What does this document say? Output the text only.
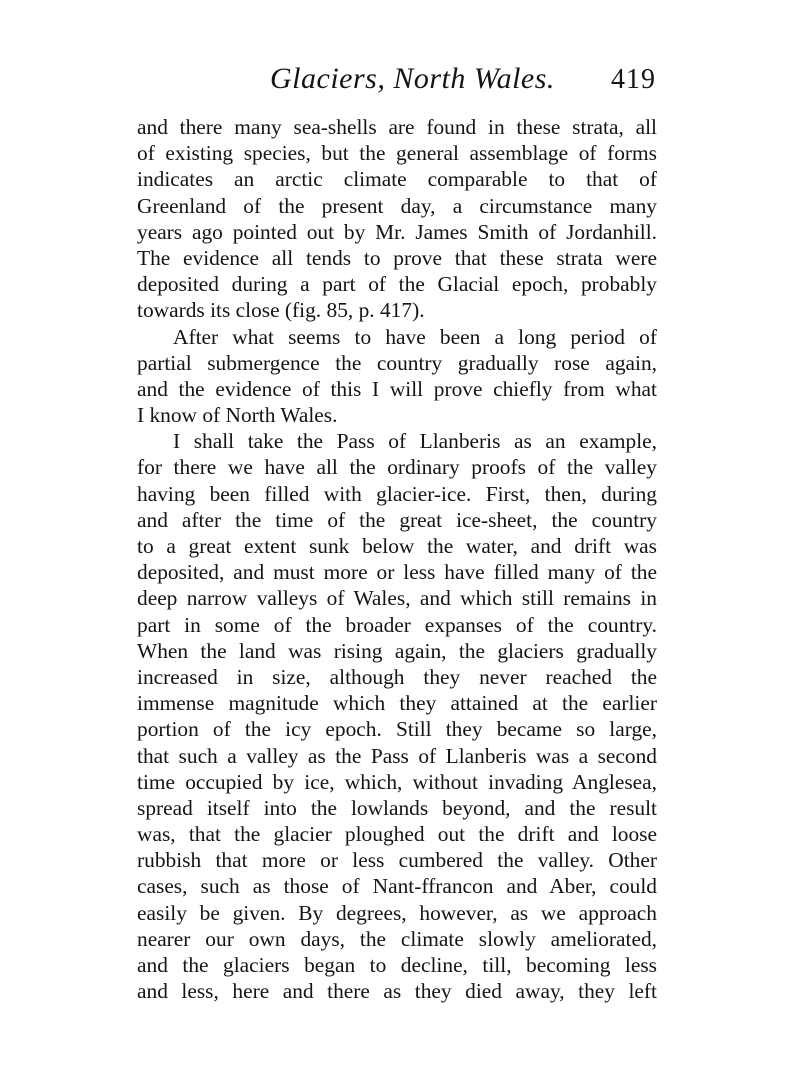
Glaciers, North Wales. 419
and there many sea-shells are found in these strata, all
of existing species, but the general assemblage of forms
indicates an arctic climate comparable to that of
Greenland of the present day, a circumstance many
years ago pointed out by Mr. James Smith of Jordanhill.
The evidence all tends to prove that these strata were
deposited during a part of the Glacial epoch, probably
towards its close (fig. 85, p. 417).
After what seems to have been a long period of
partial submergence the country gradually rose again,
and the evidence of this I will prove chiefly from what
I know of North Wales.
I shall take the Pass of Llanberis as an example,
for there we have all the ordinary proofs of the valley
having been filled with glacier-ice. First, then, during
and after the time of the great ice-sheet, the country
to a great extent sunk below the water, and drift was
deposited, and must more or less have filled many of the
deep narrow valleys of Wales, and which still remains in
part in some of the broader expanses of the country.
When the land was rising again, the glaciers gradually
increased in size, although they never reached the
immense magnitude which they attained at the earlier
portion of the icy epoch. Still they became so large,
that such a valley as the Pass of Llanberis was a second
time occupied by ice, which, without invading Anglesea,
spread itself into the lowlands beyond, and the result
was, that the glacier ploughed out the drift and loose
rubbish that more or less cumbered the valley. Other
cases, such as those of Nant-ffrancon and Aber, could
easily be given. By degrees, however, as we approach
nearer our own days, the climate slowly ameliorated,
and the glaciers began to decline, till, becoming less
and less, here and there as they died away, they left
